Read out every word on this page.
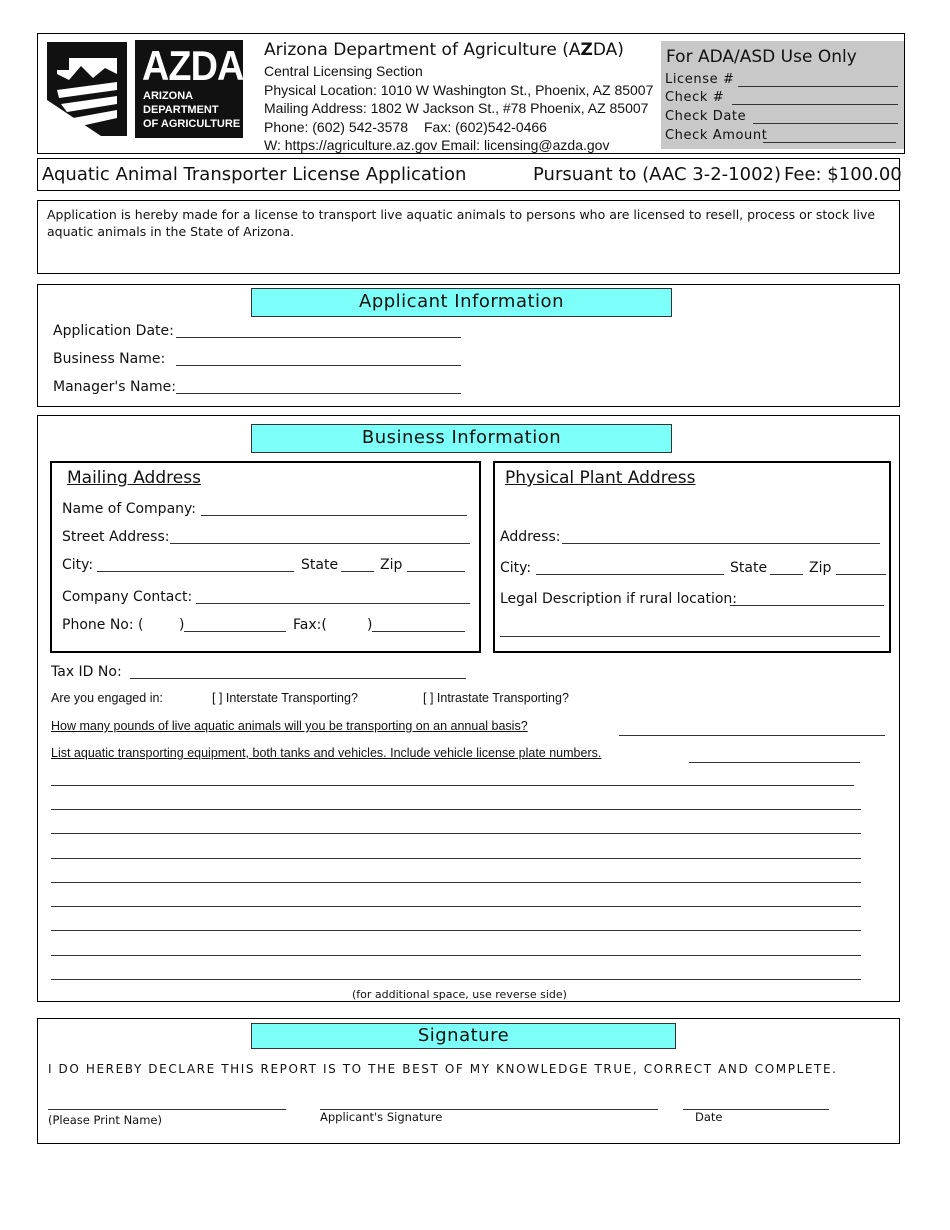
AZDA
ARIZONA
DEPARTMENT
OF AGRICULTURE
Arizona Department of Agriculture (AZDA)
Central Licensing Section
Physical Location: 1010 W Washington St., Phoenix, AZ 85007
Mailing Address: 1802 W Jackson St., #78 Phoenix, AZ 85007
Phone: (602) 542-3578 Fax: (602)542-0466
W: https://agriculture.az.gov Email: licensing@azda.gov
For ADA/ASD Use Only
License #
Check #
Check Date
Check Amount
Aquatic Animal Transporter License Application	Pursuant to (AAC 3-2-1002) Fee: $100.00
Application is hereby made for a license to transport live aquatic animals to persons who are licensed to resell, process or stock live aquatic animals in the State of Arizona.
Applicant Information
Application Date:
Business Name:
Manager's Name:
Business Information
Mailing Address
Name of Company:
Street Address:
City:	State	Zip
Company Contact:
Phone No: (	)	Fax:(	)
Physical Plant Address
Address:
City:	State	Zip
Legal Description if rural location:
Tax ID No:
Are you engaged in:	[ ] Interstate Transporting?	[ ] Intrastate Transporting?
How many pounds of live aquatic animals will you be transporting on an annual basis?
List aquatic transporting equipment, both tanks and vehicles. Include vehicle license plate numbers.
(for additional space, use reverse side)
Signature
I DO HEREBY DECLARE THIS REPORT IS TO THE BEST OF MY KNOWLEDGE TRUE, CORRECT AND COMPLETE.
(Please Print Name)	Applicant's Signature	Date
